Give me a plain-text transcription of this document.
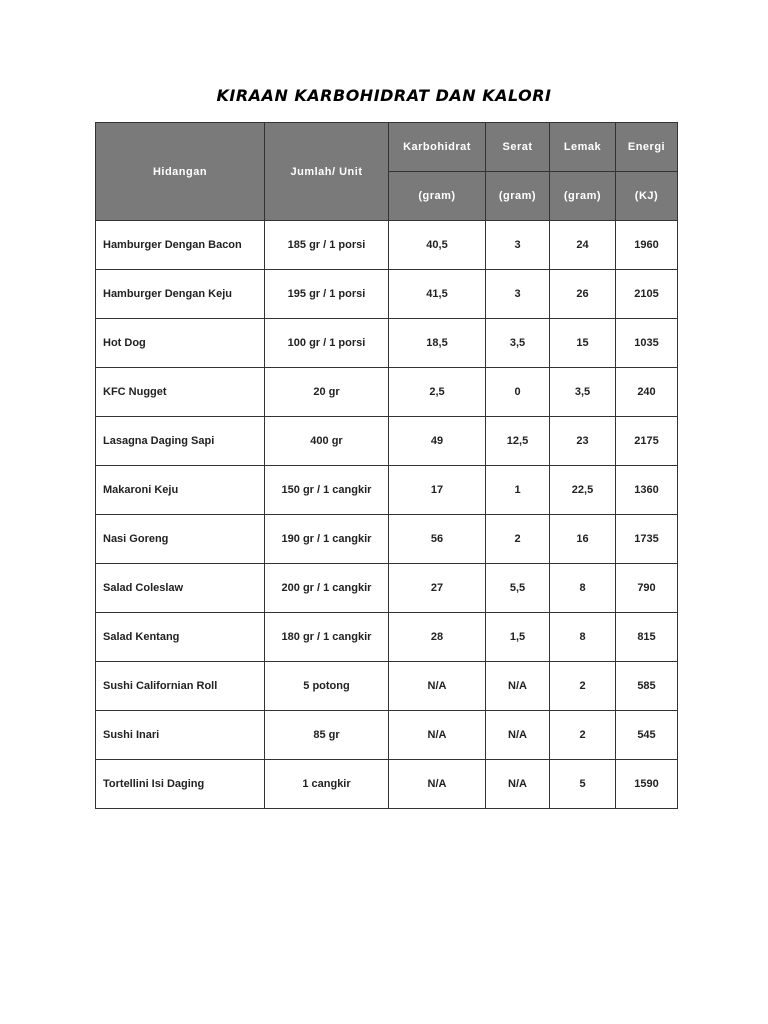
KIRAAN KARBOHIDRAT DAN KALORI
Hidangan	Jumlah/ Unit	Karbohidrat	Serat	Lemak	Energi
		(gram)	(gram)	(gram)	(KJ)
Hamburger Dengan Bacon	185 gr / 1 porsi	40,5	3	24	1960
Hamburger Dengan Keju	195 gr / 1 porsi	41,5	3	26	2105
Hot Dog	100 gr / 1 porsi	18,5	3,5	15	1035
KFC Nugget	20 gr	2,5	0	3,5	240
Lasagna Daging Sapi	400 gr	49	12,5	23	2175
Makaroni Keju	150 gr / 1 cangkir	17	1	22,5	1360
Nasi Goreng	190 gr / 1 cangkir	56	2	16	1735
Salad Coleslaw	200 gr / 1 cangkir	27	5,5	8	790
Salad Kentang	180 gr / 1 cangkir	28	1,5	8	815
Sushi Californian Roll	5 potong	N/A	N/A	2	585
Sushi Inari	85 gr	N/A	N/A	2	545
Tortellini Isi Daging	1 cangkir	N/A	N/A	5	1590
